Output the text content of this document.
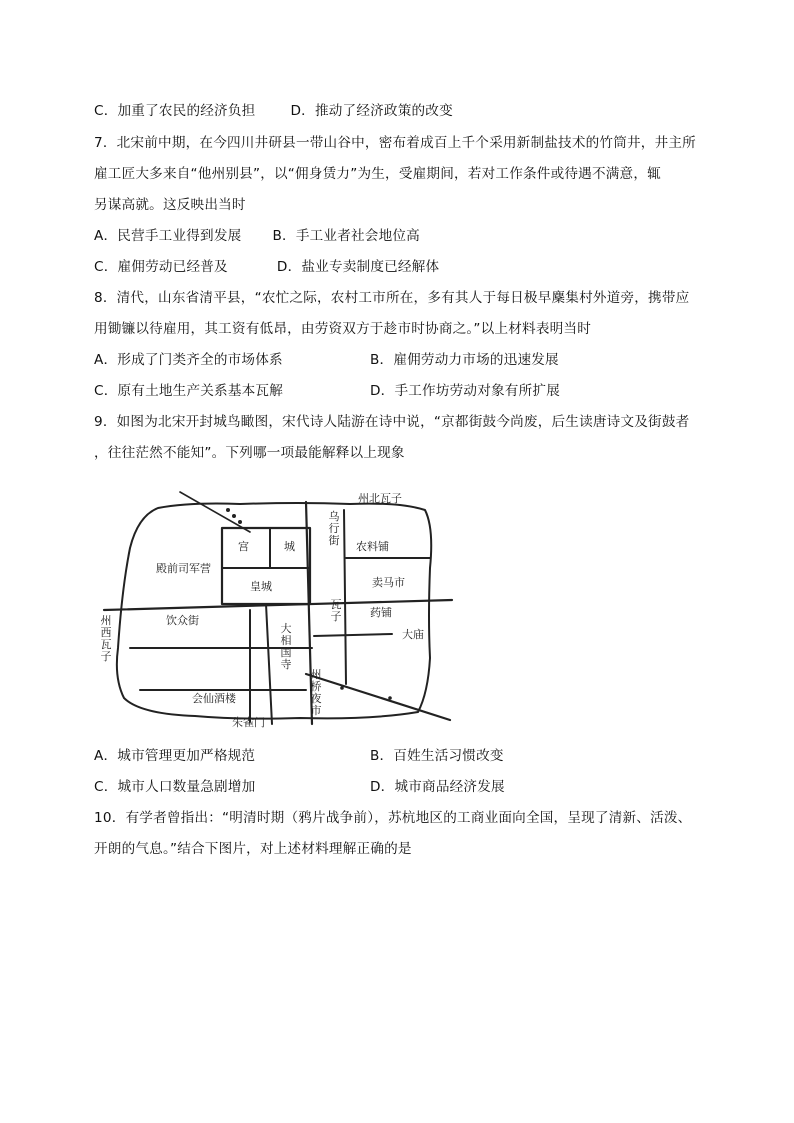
C．加重了农民的经济负担	D．推动了经济政策的改变
7．北宋前中期，在今四川井研县一带山谷中，密布着成百上千个采用新制盐技术的竹筒井，井主所
雇工匠大多来自“他州别县”，以“佣身赁力”为生，受雇期间，若对工作条件或待遇不满意，辄
另谋高就。这反映出当时
A．民营手工业得到发展 B．手工业者社会地位高
C．雇佣劳动已经普及	D．盐业专卖制度已经解体
8．清代，山东省清平县，“农忙之际，农村工市所在，多有其人于每日极早麇集村外道旁，携带应
用锄镰以待雇用，其工资有低昂，由劳资双方于趁市时协商之。”以上材料表明当时
A．形成了门类齐全的市场体系	B．雇佣劳动力市场的迅速发展
C．原有土地生产关系基本瓦解	D．手工作坊劳动对象有所扩展
9．如图为北宋开封城鸟瞰图，宋代诗人陆游在诗中说，“京都街鼓今尚废，后生读唐诗文及街鼓者
，往往茫然不能知”。下列哪一项最能解释以上现象
州北瓦子
宫	城
乌行街 农料铺
殿前司军营
皇城	卖马市
药铺
饮众街
瓦子
大庙
州西瓦子
大相国寺
会仙酒楼
州桥夜市
朱雀门
A．城市管理更加严格规范	B．百姓生活习惯改变
C．城市人口数量急剧增加	D．城市商品经济发展
10．有学者曾指出：“明清时期（鸦片战争前），苏杭地区的工商业面向全国，呈现了清新、活泼、
开朗的气息。”结合下图片，对上述材料理解正确的是
